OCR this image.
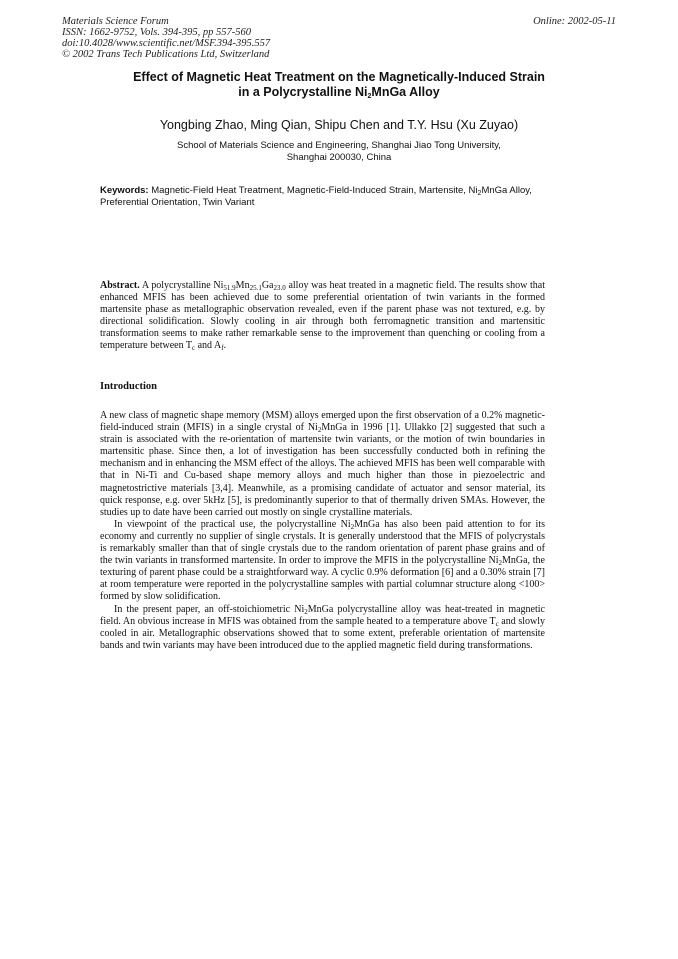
Materials Science Forum
ISSN: 1662-9752, Vols. 394-395, pp 557-560
doi:10.4028/www.scientific.net/MSF.394-395.557
© 2002 Trans Tech Publications Ltd, Switzerland
Online: 2002-05-11
Effect of Magnetic Heat Treatment on the Magnetically-Induced Strain
in a Polycrystalline $Ni_2MnGa$ Alloy
Yongbing Zhao, Ming Qian, Shipu Chen and T.Y. Hsu (Xu Zuyao)
School of Materials Science and Engineering, Shanghai Jiao Tong University,
Shanghai 200030, China
Keywords: Magnetic-Field Heat Treatment, Magnetic-Field-Induced Strain, Martensite, $Ni_2MnGa$ Alloy, Preferential Orientation, Twin Variant

Abstract. A polycrystalline $Ni_{51.9}Mn_{25.1}Ga_{23.0}$ alloy was heat treated in a magnetic field. The results show that enhanced MFIS has been achieved due to some preferential orientation of twin variants in the formed martensite phase as metallographic observation revealed, even if the parent phase was not textured, e.g. by directional solidification. Slowly cooling in air through both ferromagnetic transition and martensitic transformation seems to make rather remarkable sense to the improvement than quenching or cooling from a temperature between $T_c$ and $A_f$.

Introduction

A new class of magnetic shape memory (MSM) alloys emerged upon the first observation of a 0.2% magnetic-field-induced strain (MFIS) in a single crystal of $Ni_2MnGa$ in 1996 [1]. Ullakko [2] suggested that such a strain is associated with the re-orientation of martensite twin variants, or the motion of twin boundaries in martensitic phase. Since then, a lot of investigation has been successfully conducted both in refining the mechanism and in enhancing the MSM effect of the alloys. The achieved MFIS has been well comparable with that in Ni-Ti and Cu-based shape memory alloys and much higher than those in piezoelectric and magnetostrictive materials [3,4]. Meanwhile, as a promising candidate of actuator and sensor material, its quick response, e.g. over 5kHz [5], is predominantly superior to that of thermally driven SMAs. However, the studies up to date have been carried out mostly on single crystalline materials.

In viewpoint of the practical use, the polycrystalline $Ni_2MnGa$ has also been paid attention to for its economy and currently no supplier of single crystals. It is generally understood that the MFIS of polycrystals is remarkably smaller than that of single crystals due to the random orientation of parent phase grains and of the twin variants in transformed martensite. In order to improve the MFIS in the polycrystalline $Ni_2MnGa$, the texturing of parent phase could be a straightforward way. A cyclic 0.9% deformation [6] and a 0.30% strain [7] at room temperature were reported in the polycrystalline samples with partial columnar structure along <100> formed by slow solidification.

In the present paper, an off-stoichiometric $Ni_2MnGa$ polycrystalline alloy was heat-treated in magnetic field. An obvious increase in MFIS was obtained from the sample heated to a temperature above $T_c$ and slowly cooled in air. Metallographic observations showed that to some extent, preferable orientation of martensite bands and twin variants may have been introduced due to the applied magnetic field during transformations.
